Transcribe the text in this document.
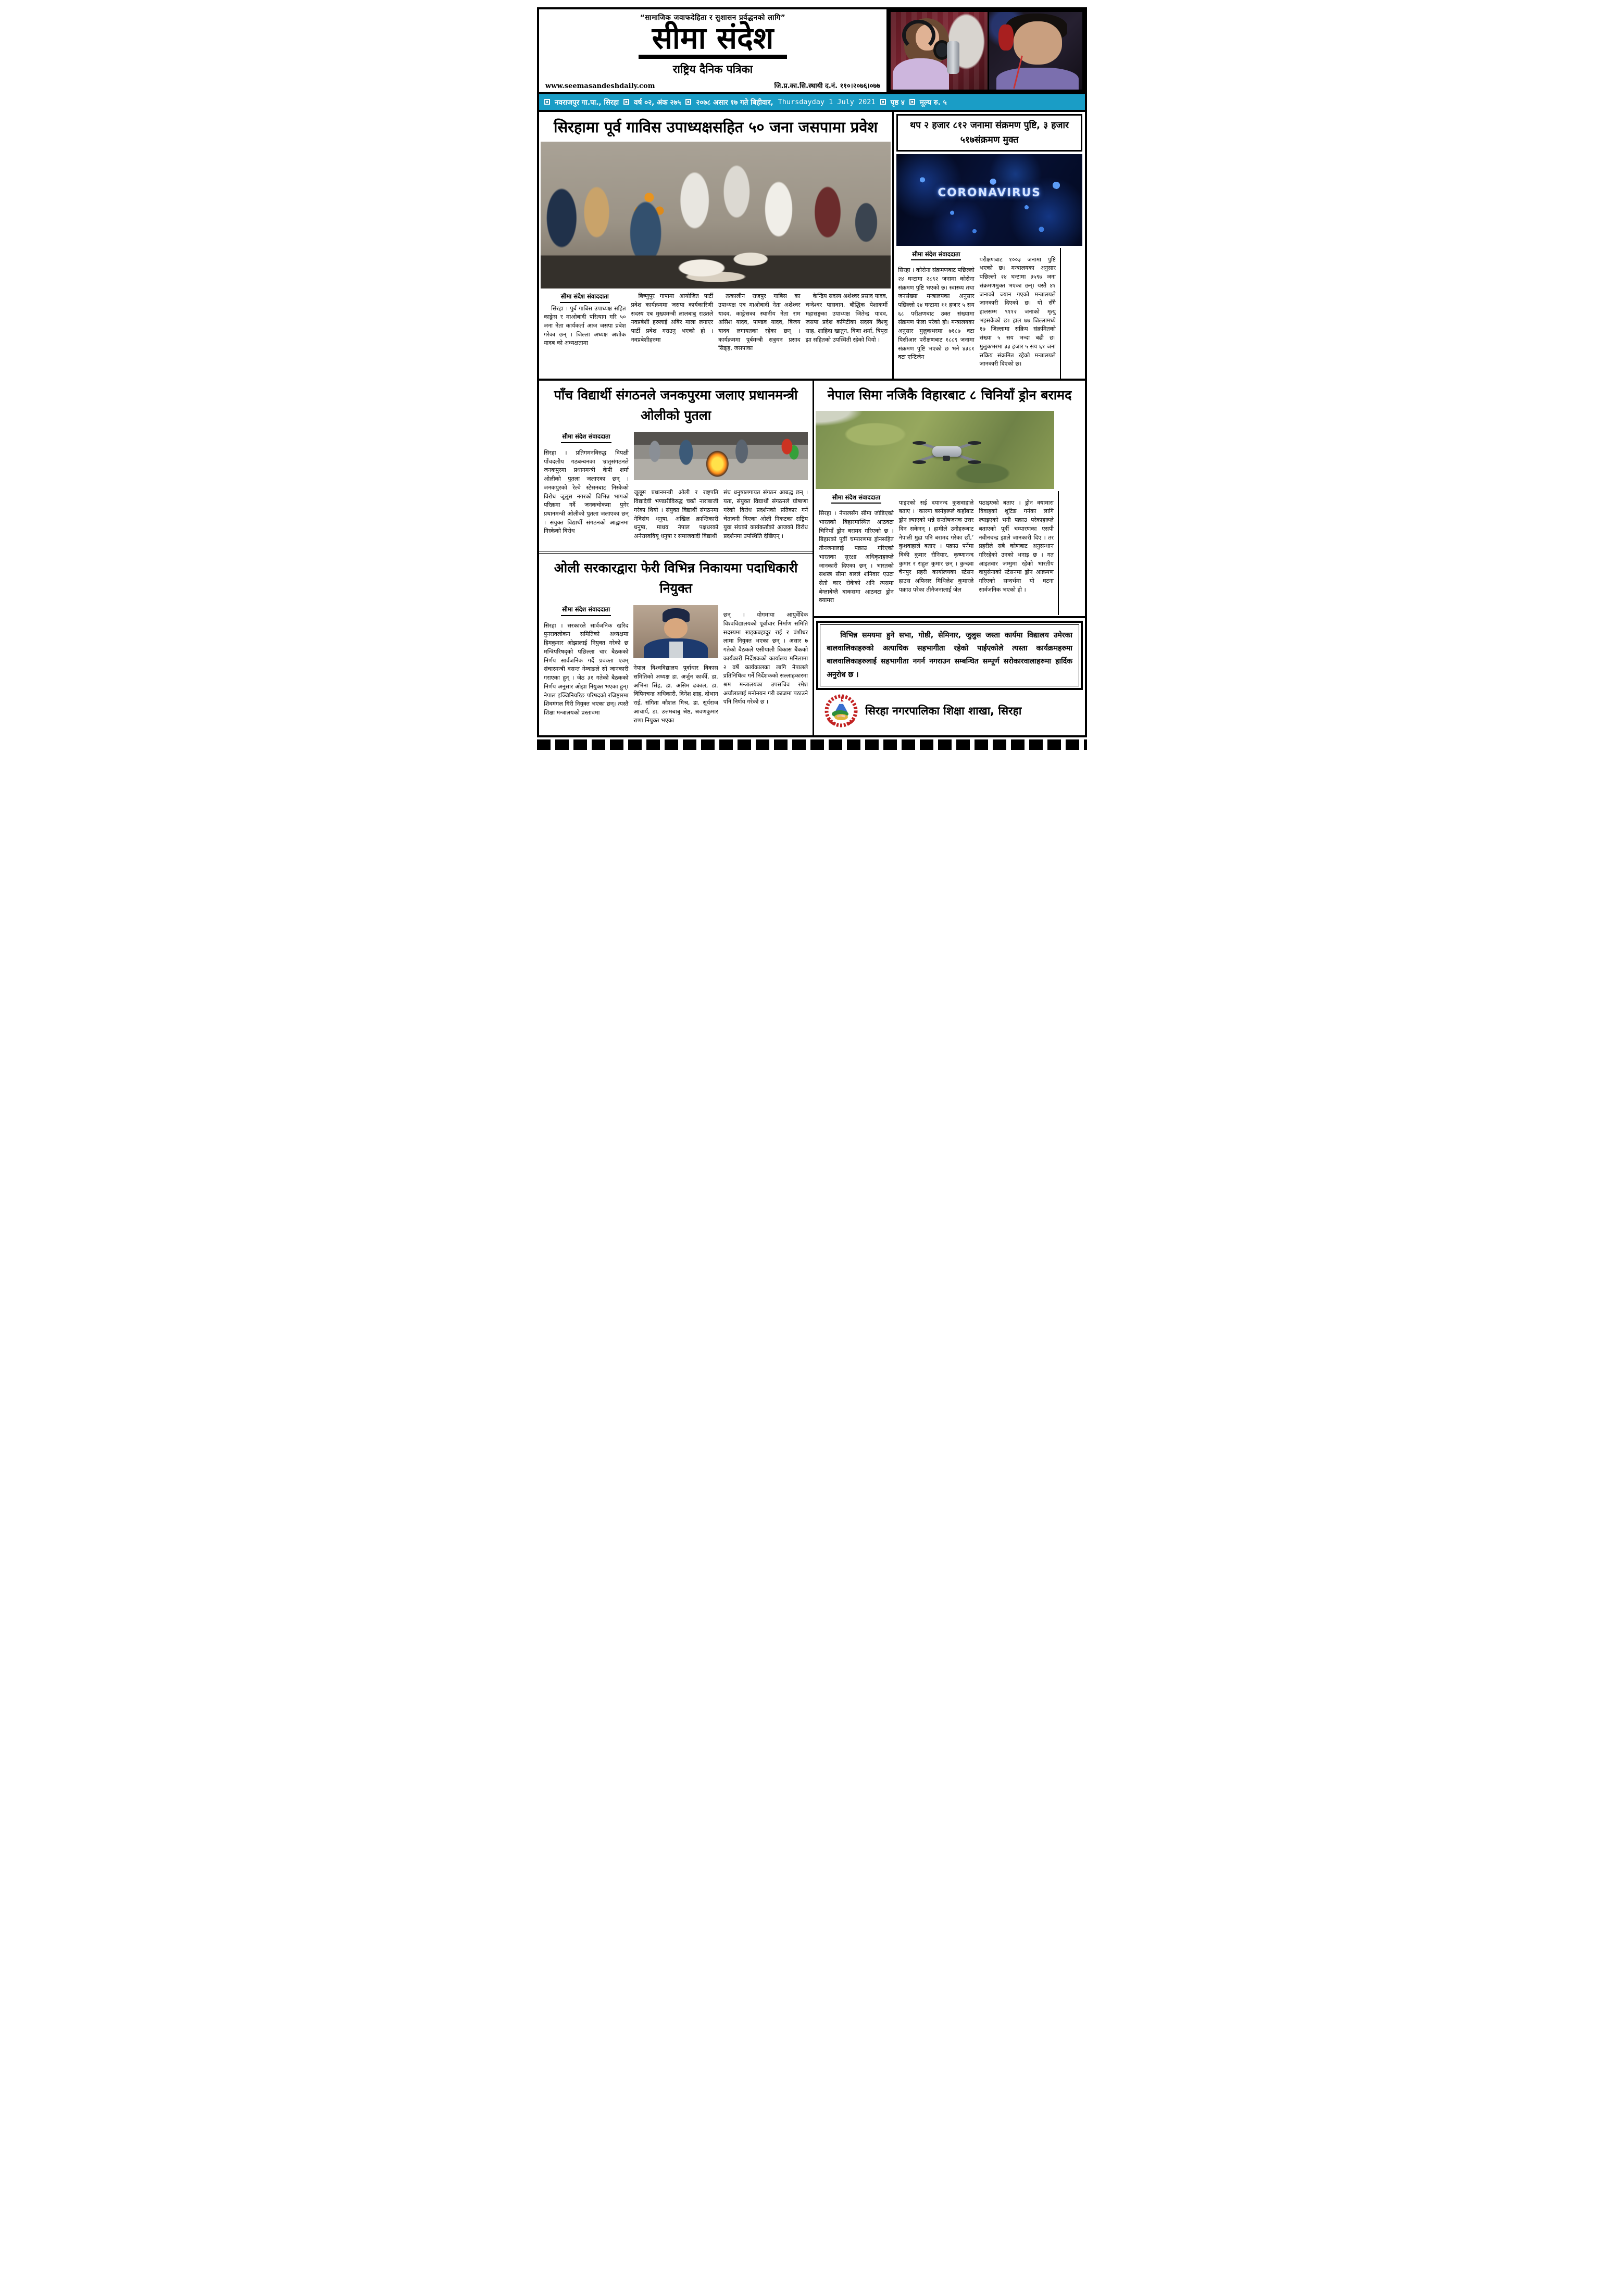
“सामाजिक जवाफदेहिता र सुशासन प्रर्वद्धनको लागि”
सीमा संदेश
राष्ट्रिय दैनिक पत्रिका
www.seemasandeshdaily.com	जि.प्र.का.सि.स्थायी द.नं. ११०।२०७६।०७७
नवराजपुर गा.पा., सिरहा वर्ष ०२, अंक २७५ २०७८ असार १७ गते बिहीवार, Thursdayday 1 July 2021 पृष्ठ ४ मूल्य रु. ५
सिरहामा पूर्व गाविस उपाध्यक्षसहित ५० जना जसपामा प्रवेश
सीमा संदेश संवाददाता

सिरहा । पुर्ब गाबिस उपाध्यक्ष सहित काङ्रेस र माओबादी परित्याग गरि ५० जना नेता कार्यकर्ता आज जसपा प्रबेश गरेका छन् । जिल्ला अध्यक्ष अशोक यादब को अध्यक्षतामा

बिष्णुपुर गापामा आयोजित पार्टी प्रवेश कार्यक्रममा जसपा कार्यकारिणी सदस्य एब मुख्यमन्त्री लालबाबु राउतले नवप्रबेशी हरुलाई अबिर माला लगाएर पार्टी प्रबेश गराउनु भएको हो । नवप्रबेशीहरुमा

तत्कालीन राजपुर गाबिस का उपाध्यक्ष एब माओबादी नेता अशेश्वर यादव, काङ्रेसका स्थानीय नेता राम असिश यादव, पाण्डव यादव, बिजय यादव लगायतका रहेका छन् । कार्यक्रममा पुर्बमन्त्री सत्रुधन प्रसाद सिङ्ह, जसपाका

केन्द्रिय सदस्य अशेश्वर प्रसाद यादव, चन्देश्वर पासवान, बौद्धिक पेशाकर्मी महासङ्घका उपाध्यक्ष जितेन्द्र यादव, जसपा प्रदेश कमिटीका सदस्य विश्णु साह, शाहिदा खातुन, विणा शर्मा, त्रिपूरा झा सहितको उपस्थिती रहेको थियो ।

थप २ हजार ८१२ जनामा संक्रमण पुष्टि, ३ हजार ५१७संक्रमण मुक्त
CORONAVIRUS
सीमा संदेश संवाददाता

सिरहा । कोरोना संक्रमणबाट पछिल्लो २४ घन्टामा २८९२ जनामा कोरोना संक्रमण पुष्टि भएको छ। स्वास्थ्य तथा जनसंख्या मन्त्रालयका अनुसार पछिल्लो २४ घन्टामा ११ हजार ५ सय ६८ परीक्षणबाट उक्त संख्यामा संक्रमण फेला परेको हो। मन्त्रालयका अनुसार मुलुकभरमा ७१८७ वटा पिसीआर परीक्षणबाट १८८९ जनामा संक्रमण पुष्टि भएको छ भने ४३८१ वटा एन्टिजेन

परीक्षणबाट १००३ जनामा पुष्टि भएको छ। मन्त्रालयका अनुसार पछिल्लो २४ घन्टामा ३५९७ जना संक्रमणमुक्त भएका छन्। यस्तै ४१ जनाको ज्यान गएको मन्त्रालयले जानकारी दिएको छ। यो सँगै हालसम्म ९११२ जनाको मृत्यु भइसकेको छ। हाल ७७ जिल्लामध्ये १७ जिल्लामा सक्रिय संक्रमितको संख्या ५ सय भन्दा बढी छ। मुलुकभरमा ३३ हजार ५ सय ६१ जना सक्रिय संक्रमित रहेको मन्त्रालयले जानकारी दिएको छ।

पाँच विद्यार्थी संगठनले जनकपुरमा जलाए प्रधानमन्त्री ओलीको पुतला
सीमा संदेश संवाददाता

सिरहा । प्रतिगमनविरुद्ध विपक्षी पाँचदलीय गठबन्धनका भ्रातृसंगठनले जनकपुरमा प्रधानमन्त्री केपी शर्मा ओलीको पुतला जलाएका छन् । जनकपुरको रेल्वे स्टेसनबाट निस्केको विरोध जूलूस नगरको विभिन्न भागको परिक्रमा गर्दै जनकचोकमा पुगेर प्रधानमन्त्री ओलीको पुतला जलाएका छन् । संयुक्त विद्यार्थी संगठनको आह्वानमा निस्केको विरोध

जूलूस प्रधानमन्त्री ओली र राष्ट्रपति विद्यादेवी भण्डारीविरुद्ध चर्को नाराबाजी गरेका थियो । संयुक्त विद्यार्थी संगठनमा नेविसंघ धनुषा, अखिल क्रान्तिकारी धनुषा, माधव नेपाल पक्षधरको अनेरास्ववियू धनुषा र समाजवादी विद्यार्थी

संघ धनुषालगायत संगठन आबद्ध छन् । यता, संयुक्त विद्यार्थी संगठनले घोषाणा गरेको विरोध प्रदर्शनको प्रतिकार गर्ने चेतावनी दिएका ओली निकटका राष्ट्रिय युवा संघको कार्यकर्ताको आजको विरोध प्रदर्शनमा उपस्थिति देखिएन् ।

ओली सरकारद्वारा फेरी विभिन्न निकायमा पदाधिकारी नियुक्त
सीमा संदेश संवाददाता

सिरहा । सरकारले सार्वजनिक खरिद पुनरावलोकन समितिको अध्यक्षमा हिमकुमार ओझालाई नियुक्त गरेको छ मन्त्रिपरिषद्को पछिल्ला चार बैठकको निर्णय सार्वजनिक गर्दै प्रवक्ता एवम् संचारमन्त्री वसन्त नेम्वाङले सो जानकारी गराएका हुन् । जेठ ३१ गतेको बैठकको निर्णय अनुसार ओझा नियुक्त भएका हुन्। नेपाल इञ्जिनियरिङ परिषदको रजिष्ट्रारमा शिवमंगल गिरी नियुक्त भएका छन्। त्यस्तै शिक्षा मन्त्रालयको प्रस्तावमा

नेपाल विश्वविद्यालय पूर्वाधार विकास समितिको अध्यक्ष डा. अर्जुन कार्की, डा. अभिना सिंह, डा. असिम ढकाल, डा. विपिनचन्द्र अधिकारी, दिनेश शाह, दोभान राई, संगिता कौशल मिश्र, डा. सूर्यराज आचार्य, डा. उत्तमबाबु श्रेष्ठ, श्रवणकुमार राणा नियुक्त भएका

छन् । योगमाया आयुर्वेदिक विश्वविद्यालयको पूर्वाधार निर्माण समिति सदस्यमा खड्कबहादुर राई र वंशीधर लामा नियुक्त भएका छन् । असार ७ गतेको बैठकले एसीयाली विकास बैंकको कार्यकारी निर्देशकको कार्यालय मनिलामा २ वर्षे कार्यकालका लागि नेपालले प्रतिनिधित्व गर्ने निर्देशकको सल्लाहकारमा श्रम मन्त्रालयका उपसचिव रमेश अर्यालालाई मनोनयन गरी काजमा पठाउने पनि निर्णय गरेको छ ।

नेपाल सिमा नजिकै विहारबाट ८ चिनियाँ ड्रोन बरामद
सीमा संदेश संवाददाता

सिरहा । नेपालसँग सीमा जोडिएको भारतको बिहारमास्थित आठवटा चिनियाँ ड्रोन बरामद गरिएको छ । बिहारको पूर्वी चम्पारणमा ड्रोनसहित तीनजनालाई पक्राउ गरिएको भारतका सुरक्षा अधिकृतहरूले जानकारी दिएका छन् । भारतको सशस्त्र सीमा बलले शनिवार एउटा सेतो कार रोकेको अनि त्यसमा बेग्लाबेग्लै बाकसमा आठवटा ड्रोन क्यामरा

पाइएको सई दयानन्द कुशवाहाले बताए । ‘कारमा बस्नेहरूले कहाँबाट ड्रोन ल्याएको भन्ने सन्तोषजनक उत्तर दिन सकेनन् । हामीले उनीहरूबाट नेपाली मुद्रा पनि बरामद गरेका छौं,’ कुशवाहाले बताए । पक्राउ पर्नेमा विकी कुमार रौनियार, कृष्णानन्द कुमार र राहुल कुमार छन् । कुन्दवा चैनपुर प्रहरी कार्यालयका स्टेसन हाउस अफिसर मिथिलेश कुमारले पक्राउ परेका तीनैजनालाई जेल

पठाइएको बताए । ड्रोन क्यामारा विवाहको शूटिङ गर्नका लागि ल्याइएको भनी पक्राउ परेकाहरूले बताएको पूर्वी चम्पारणका एसपी नवीनचन्द्र झाले जानकारी दिए । तर प्रहरीले सबै कोणबाट अनुसन्धान गरिरहेको उनको भनाइ छ । गत आइतवार जम्मुमा रहेको भारतीय वायुसेनाको स्टेसनमा ड्रोन आक्रमण गरिएको सन्दर्भमा यो घटना सार्वजनिक भएको हो ।

विभिन्न समयमा हुने सभा, गोष्ठी, सेमिनार, जुलुस जस्ता कार्यमा विद्यालय उमेरका बालवालिकाहरुको अत्याधिक सहभागीता रहेको पाईएकोले त्यस्ता कार्यक्रमहरुमा बालवालिकाहरुलाई सहभागीता नगर्न नगराउन सम्बन्धित सम्पूर्ण सरोकारवालाहरुमा हार्दिक अनुरोध छ ।

सिरहा नगरपालिका शिक्षा शाखा, सिरहा
